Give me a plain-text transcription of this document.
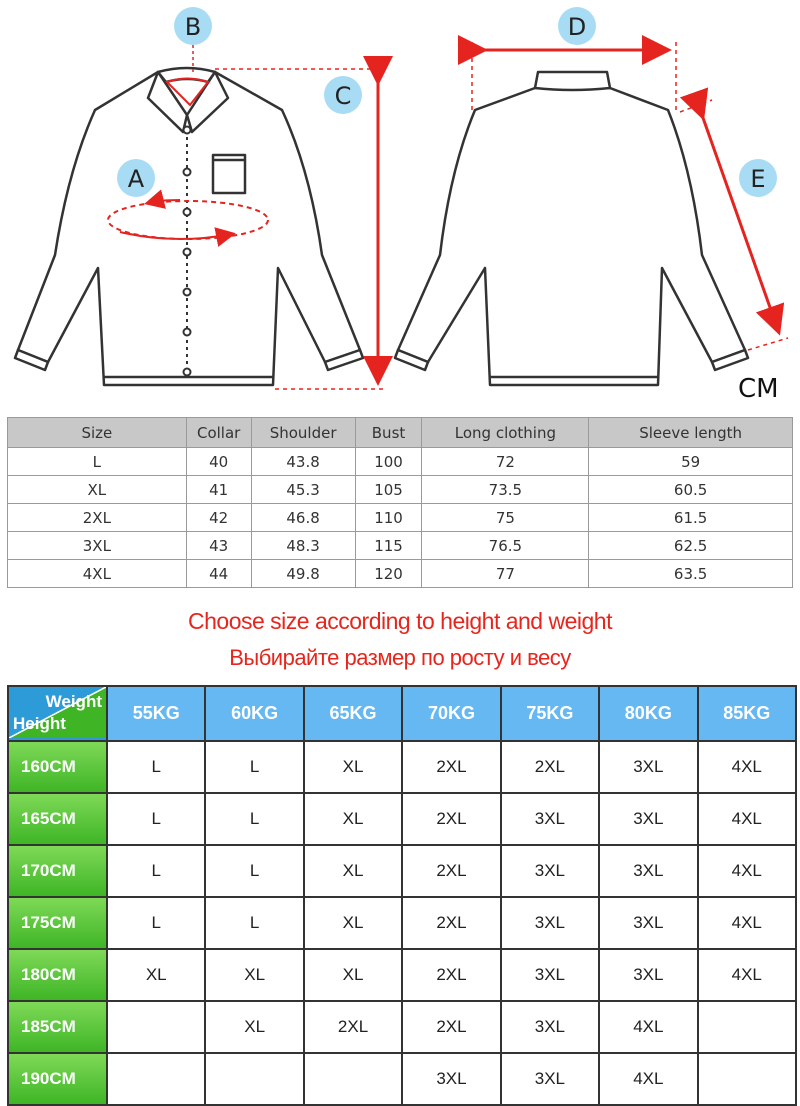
B
C
A
D
E
CM
Size	Collar	Shoulder	Bust	Long clothing	Sleeve length
L	40	43.8	100	72	59
XL	41	45.3	105	73.5	60.5
2XL	42	46.8	110	75	61.5
3XL	43	48.3	115	76.5	62.5
4XL	44	49.8	120	77	63.5
Choose size according to height and weight
Выбирайте размер по росту и весу
Weight
Height	55KG	60KG	65KG	70KG	75KG	80KG	85KG
160CM	L	L	XL	2XL	2XL	3XL	4XL
165CM	L	L	XL	2XL	3XL	3XL	4XL
170CM	L	L	XL	2XL	3XL	3XL	4XL
175CM	L	L	XL	2XL	3XL	3XL	4XL
180CM	XL	XL	XL	2XL	3XL	3XL	4XL
185CM		XL	2XL	2XL	3XL	4XL	
190CM				3XL	3XL	4XL	
